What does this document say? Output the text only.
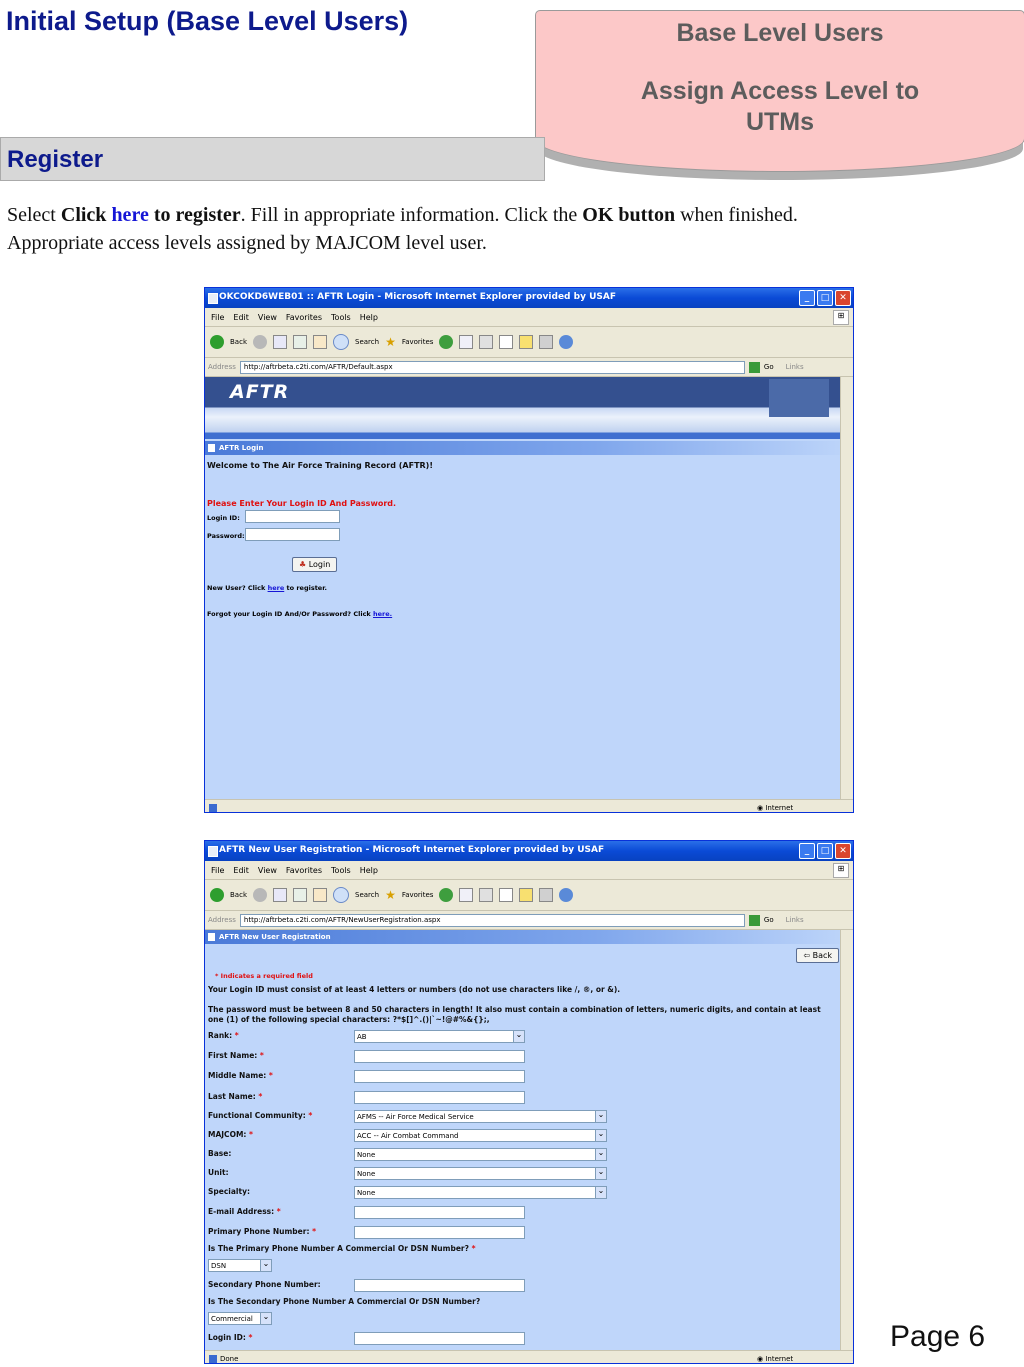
Initial Setup (Base Level Users)	Base Level Users
Assign Access Level to UTMs
Register
Select Click here to register. Fill in appropriate information. Click the OK button when finished.
Appropriate access levels assigned by MAJCOM level user.
OKCOKD6WEB01 :: AFTR Login - Microsoft Internet Explorer provided by USAF	_	□	✕
File Edit View Favorites Tools Help	⊞
Back	Search ★ Favorites
Address	http://aftrbeta.c2ti.com/AFTR/Default.aspx	Go Links
AFTR
AFTR Login
Welcome to The Air Force Training Record (AFTR)!
Please Enter Your Login ID And Password.
Login ID:
Password:
♣ Login
New User? Click here to register.
Forgot your Login ID And/Or Password? Click here.
◉ Internet
AFTR New User Registration - Microsoft Internet Explorer provided by USAF	_	□	✕
File Edit View Favorites Tools Help	⊞
Back	Search ★ Favorites
Address	http://aftrbeta.c2ti.com/AFTR/NewUserRegistration.aspx	Go Links
AFTR New User Registration
⇦ Back
* Indicates a required field
Your Login ID must consist of at least 4 letters or numbers (do not use characters like /, ®, or &).
The password must be between 8 and 50 characters in length! It also must contain a combination of letters, numeric digits, and contain at least one (1) of the following special characters: ?*$[]^.()|`~!@#%&{};,
Rank: *	AB ⌄
First Name: *
Middle Name: *
Last Name: *
Functional Community: *	AFMS -- Air Force Medical Service ⌄
MAJCOM: *	ACC -- Air Combat Command ⌄
Base:	None ⌄
Unit:	None ⌄
Specialty:	None ⌄
E-mail Address: *
Primary Phone Number: *
Is The Primary Phone Number A Commercial Or DSN Number? *
DSN ⌄
Secondary Phone Number:
Is The Secondary Phone Number A Commercial Or DSN Number?
Commercial ⌄
Login ID: *
Done	◉ Internet
Page 6
